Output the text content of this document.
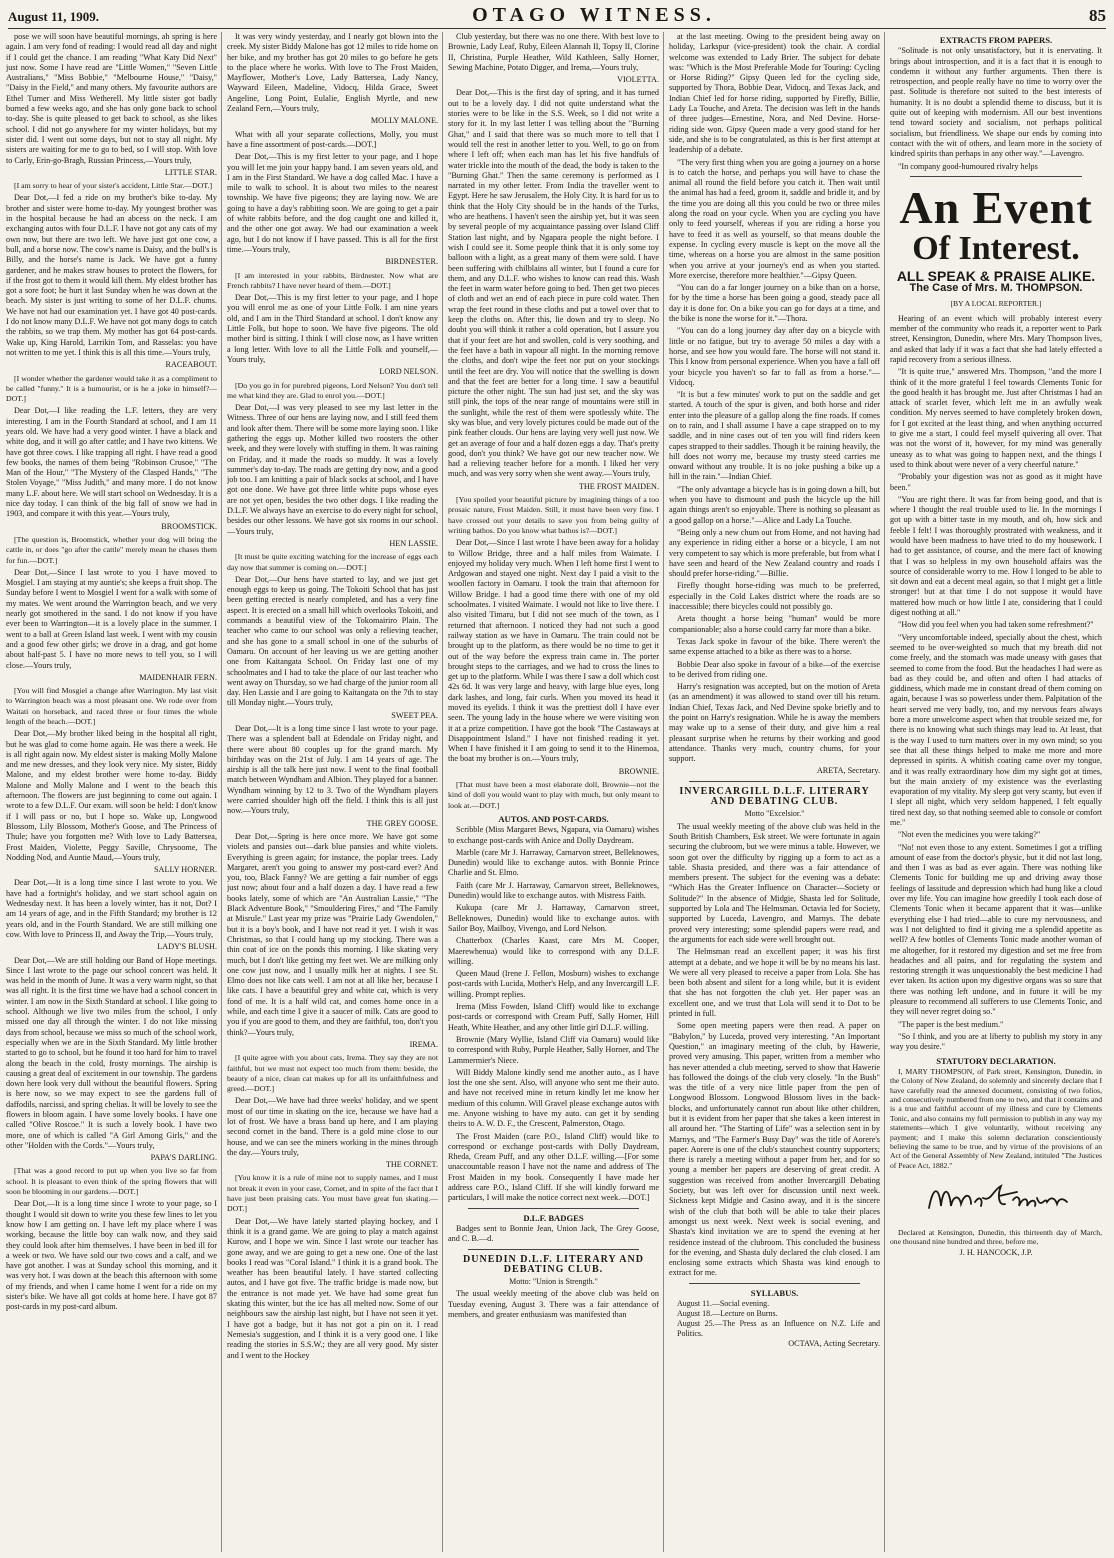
August 11, 1909.	OTAGO WITNESS.	85

pose we will soon have beautiful mornings, ah spring is here again. I am very fond of reading: I would read all day and night if I could get the chance. I am reading "What Katy Did Next" just now. Some I have read are "Little Women," "Seven Little Australians," "Miss Bobbie," "Melbourne House," "Daisy," "Daisy in the Field," and many others. My favourite authors are Ethel Turner and Miss Wetherell. My little sister got badly burned a few weeks ago, and she has only gone back to school to-day. She is quite pleased to get back to school, as she likes school. I did not go anywhere for my winter holidays, but my sister did. I went out some days, but not to stay all night. My sisters are waiting for me to go to bed, so I will stop. With love to Carly, Erin-go-Bragh, Russian Princess,—Yours truly,

LITTLE STAR.

[I am sorry to hear of your sister's accident, Little Star.—DOT.]

Dear Dot,—I fed a ride on my brother's bike to-day. My brother and sister were home to-day. My youngest brother was in the hospital because he had an abcess on the neck. I am exchanging autos with four D.L.F. I have not got any cats of my own now, but there are two left. We have just got one cow, a bull, and a horse now. The cow's name is Daisy, and the bull's is Billy, and the horse's name is Jack. We have got a funny gardener, and he makes straw houses to protect the flowers, for if the frost got to them it would kill them. My eldest brother has got a sore foot; he hurt it last Sunday when he was down at the beach. My sister is just writing to some of her D.L.F. chums. We have not had our examination yet. I have got 40 post-cards. I do not know many D.L.F. We have not got many dogs to catch the rabbits, so we trap them. My mother has got 64 post-cards. Wake up, King Harold, Larrikin Tom, and Rasselas: you have not written to me yet. I think this is all this time.—Yours truly,

RACEABOUT.

[I wonder whether the gardener would take it as a compliment to be called "funny." It is a humourist, or is he a joke in himself?—DOT.]

Dear Dot,—I like reading the L.F. letters, they are very interesting. I am in the Fourth Standard at school, and I am 11 years old. We have had a very good winter. I have a black and white dog, and it will go after cattle; and I have two kittens. We have got three cows. I like trapping all right. I have read a good few books, the names of them being "Robinson Crusoe," "The Man of the Hour," "The Mystery of the Clasped Hands," "The Stolen Voyage," "Miss Judith," and many more. I do not know many L.F. about here. We will start school on Wednesday. It is a nice day today. I can think of the big fall of snow we had in 1903, and compare it with this year.—Yours truly,

BROOMSTICK.

[The question is, Broomstick, whether your dog will bring the cattle in, or does "go after the cattle" merely mean he chases them for fun.—DOT.]

Dear Dot,—Since I last wrote to you I have moved to Mosgiel. I am staying at my auntie's; she keeps a fruit shop. The Sunday before I went to Mosgiel I went for a walk with some of my mates. We went around the Warrington beach, and we very nearly got smothered in the sand. I do not know if you have ever been to Warrington—it is a lovely place in the summer. I went to a ball at Green Island last week. I went with my cousin and a good few other girls; we drove in a drag, and got home about half-past 5. I have no more news to tell you, so I will close.—Yours truly,

MAIDENHAIR FERN.

[You will find Mosgiel a change after Warrington. My last visit to Warrington beach was a most pleasant one. We rode over from Waitati on horseback, and raced three or four times the whole length of the beach.—DOT.]

Dear Dot,—My brother liked being in the hospital all right, but he was glad to come home again. He was there a week. He is all right again now. My eldest sister is making Molly Malone and me new dresses, and they look very nice. My sister, Biddy Malone, and my eldest brother were home to-day. Biddy Malone and Molly Malone and I went to the beach this afternoon. The flowers are just beginning to come out again. I wrote to a few D.L.F. Our exam. will soon be held: I don't know if I will pass or no, but I hope so. Wake up, Longwood Blossom, Lily Blossom, Mother's Goose, and The Princess of Thule; have you forgotten me? With love to Lady Battersea, Frost Maiden, Violette, Peggy Saville, Chrysoome, The Nodding Nod, and Auntie Maud,—Yours truly,

SALLY HORNER.

Dear Dot,—It is a long time since I last wrote to you. We have had a fortnight's holiday, and we start school again on Wednesday next. It has been a lovely winter, has it not, Dot? I am 14 years of age, and in the Fifth Standard; my brother is 12 years old, and in the Fourth Standard. We are still milking one cow. With love to Princess II, and Away the Trip,—Yours truly,

LADY'S BLUSH.

Dear Dot,—We are still holding our Band of Hope meetings. Since I last wrote to the page our school concert was held. It was held in the month of June. It was a very warm night, so that was all right. It is the first time we have had a school concert in winter. I am now in the Sixth Standard at school. I like going to school. Although we live two miles from the school, I only missed one day all through the winter. I do not like missing days from school, because we miss so much of the school work, especially when we are in the Sixth Standard. My little brother started to go to school, but he found it too hard for him to travel along the beach in the cold, frosty mornings. The airship is causing a great deal of excitement in our township. The gardens down here look very dull without the beautiful flowers. Spring is here now, so we may expect to see the gardens full of daffodils, narcissi, and spring chelias. It will be lovely to see the flowers in bloom again. I have some lovely books. I have one called "Olive Roscoe." It is such a lovely book. I have two more, one of which is called "A Girl Among Girls," and the other "Holden with the Cords."—Yours truly,

PAPA'S DARLING.

[That was a good record to put up when you live so far from school. It is pleasant to even think of the spring flowers that will soon be blooming in our gardens.—DOT.]

Dear Dot,—It is a long time since I wrote to your page, so I thought I would sit down to write you these few lines to let you know how I am getting on. I have left my place where I was working, because the little boy can walk now, and they said they could look after him themselves. I have been in bed ill for a week or two. We have sold our two cows and a calf, and we have got another. I was at Sunday school this morning, and it was very hot. I was down at the beach this afternoon with some of my friends, and when I came home I went for a ride on my sister's bike. We have all got colds at home here. I have got 87 post-cards in my post-card album.

It was very windy yesterday, and I nearly got blown into the creek. My sister Biddy Malone has got 12 miles to ride home on her bike, and my brother has got 20 miles to go before he gets to the place where he works. With love to The Frost Maiden, Mayflower, Mother's Love, Lady Battersea, Lady Nancy, Wayward Eileen, Madeline, Vidocq, Hilda Grace, Sweet Angeline, Long Point, Eulalie, English Myrtle, and new Zealand Fern,—Yours truly,

MOLLY MALONE.

What with all your separate collections, Molly, you must have a fine assortment of post-cards.—DOT.]

Dear Dot,—This is my first letter to your page, and I hope you will let me join your happy band. I am seven years old, and I am in the First Standard. We have a dog called Mac. I have a mile to walk to school. It is about two miles to the nearest township. We have five pigeons; they are laying now. We are going to have a day's rabbiting soon. We are going to get a pair of white rabbits before, and the dog caught one and killed it, and the other one got away. We had our examination a week ago, but I do not know if I have passed. This is all for the first time.—Yours truly,

BIRDNESTER.

[I am interested in your rabbits, Birdnester. Now what are French rabbits? I have never heard of them.—DOT.]

Dear Dot,—This is my first letter to your page, and I hope you will enrol me as one of your Little Folk. I am nine years old, and I am in the Third Standard at school. I don't know any Little Folk, but hope to soon. We have five pigeons. The old mother bird is sitting. I think I will close now, as I have written a long letter. With love to all the Little Folk and yourself,—Yours truly,

LORD NELSON.

[Do you go in for purebred pigeons, Lord Nelson? You don't tell me what kind they are. Glad to enrol you.—DOT.]

Dear Dot,—I was very pleased to see my last letter in the Witness. Three of our hens are laying now, and I still feed them and look after them. There will be some more laying soon. I like gathering the eggs up. Mother killed two roosters the other week, and they were lovely with stuffing in them. It was raining on Friday, and it made the roads so muddy. It was a lovely summer's day to-day. The roads are getting dry now, and a good job too. I am knitting a pair of black socks at school, and I have got one done. We have got three little white pups whose eyes are not yet open, besides the two other dogs. I like reading the D.L.F. We always have an exercise to do every night for school, besides our other lessons. We have got six rooms in our school.—Yours truly,

HEN LASSIE.

[It must be quite exciting watching for the increase of eggs each day now that summer is coming on.—DOT.]

Dear Dot,—Our hens have started to lay, and we just get enough eggs to keep us going. The Tokoiti School that has just been getting erected is nearly completed, and has a very fine aspect. It is erected on a small hill which overlooks Tokoiti, and commands a beautiful view of the Tokomairiro Plain. The teacher who came to our school was only a relieving teacher, and she has gone to a small school in one of the suburbs of Oamaru. On account of her leaving us we are getting another one from Kaitangata School. On Friday last one of my schoolmates and I had to take the place of our last teacher who went away on Thursday, so we had charge of the junior room all day. Hen Lassie and I are going to Kaitangata on the 7th to stay till Monday night.—Yours truly,

SWEET PEA.

Dear Dot,—It is a long time since I last wrote to your page. There was a splendent ball at Edendale on Friday night, and there were about 80 couples up for the grand march. My birthday was on the 21st of July. I am 14 years of age. The airship is all the talk here just now. I went to the final football match between Wyndham and Albion. They played for a banner. Wyndham winning by 12 to 3. Two of the Wyndham players were carried shoulder high off the field. I think this is all just now.—Yours truly,

THE GREY GOOSE.

Dear Dot,—Spring is here once more. We have got some violets and pansies out—dark blue pansies and white violets. Everything is green again; for instance, the poplar trees. Lady Margaret, aren't you going to answer my post-card ever? And you, too, Black Fanny? We are getting a fair number of eggs just now; about four and a half dozen a day. I have read a few books lately, some of which are "An Australian Lassie," "The Black Adventure Book," "Smouldering Fires," and "The Family at Misrule." Last year my prize was "Prairie Lady Gwendolen," but it is a boy's book, and I have not read it yet. I wish it was Christmas, so that I could hang up my stocking. There was a thin coat of ice on the ponds this morning. I like skating very much, but I don't like getting my feet wet. We are milking only one cow just now, and I usually milk her at nights. I see St. Elmo does not like cats well. I am not at all like her, because I like cats. I have a beautiful grey and white cat, which is very fond of me. It is a half wild cat, and comes home once in a while, and each time I give it a saucer of milk. Cats are good to you if you are good to them, and they are faithful, too, don't you think?—Yours truly,

IREMA.

[I quite agree with you about cats, Irema. They say they are not faithful, but we must not expect too much from them: beside, the beauty of a nice, clean cat makes up for all its unfaithfulness and greed.—DOT.]

Dear Dot,—We have had three weeks' holiday, and we spent most of our time in skating on the ice, because we have had a lot of frost. We have a brass band up here, and I am playing second cornet in the band. There is a gold mine close to our house, and we can see the miners working in the mines through the day.—Yours truly,

THE CORNET.

[You know it is a rule of mine not to supply names, and I must not break it even in your case, Cornet, and in spite of the fact that I have just been praising cats. You must have great fun skating.—DOT.]

Dear Dot,—We have lately started playing hockey, and I think it is a grand game. We are going to play a match against Kurow, and I hope we win. Since I last wrote our teacher has gone away, and we are going to get a new one. One of the last books I read was "Coral Island." I think it is a grand book. The weather has been beautiful lately. I have started collecting autos, and I have got five. The traffic bridge is made now, but the entrance is not made yet. We have had some great fun skating this winter, but the ice has all melted now. Some of our neighbours saw the airship last night, but I have not seen it yet. I have got a badge, but it has not got a pin on it. I read Nemesia's suggestion, and I think it is a very good one. I like reading the stories in S.S.W.; they are all very good. My sister and I went to the Hockey

Club yesterday, but there was no one there. With best love to Brownie, Lady Leaf, Ruby, Eileen Alannah II, Topsy II, Clorine II, Christina, Purple Heather, Wild Kathleen, Sally Horner, Sewing Machine, Potato Digger, and Irema,—Yours truly,

VIOLETTA.

Dear Dot,—This is the first day of spring, and it has turned out to be a lovely day. I did not quite understand what the stories were to be like in the S.S. Week, so I did not write a story for it. In my last letter I was telling about the "Burning Ghat," and I said that there was so much more to tell that I would tell the rest in another letter to you. Well, to go on from where I left off; when each man has let his five handfuls of water trickle into the mouth of the dead, the body is taken to the "Burning Ghat." Then the same ceremony is performed as I narrated in my other letter. From India the traveller went to Egypt. Here he saw Jerusalem, the Holy City. It is hard for us to think that the Holy City should be in the hands of the Turks, who are heathens. I haven't seen the airship yet, but it was seen by several people of my acquaintance passing over Island Cliff Station last night, and by Ngapara people the night before. I wish I could see it. Some people think that it is only some toy balloon with a light, as a great many of them were sold. I have been suffering with chilblains all winter, but I found a cure for them, and any D.L.F. who wishes to know can read this. Wash the feet in warm water before going to bed. Then get two pieces of cloth and wet an end of each piece in pure cold water. Then wrap the feet round in these cloths and put a towel over that to keep the cloths on. After this, lie down and try to sleep. No doubt you will think it rather a cold operation, but I assure you that if your feet are hot and swollen, cold is very soothing, and the feet have a bath in vapour all night. In the morning remove the cloths, and don't wipe the feet nor put on your stockings until the feet are dry. You will notice that the swelling is down and that the feet are better for a long time. I saw a beautiful picture the other night. The sun had just set, and the sky was still pink, the tops of the near range of mountains were still in the sunlight, while the rest of them were spotlessly white. The sky was blue, and very lovely pictures could be made out of the pink feather clouds. Our hens are laying very well just now. We get an average of four and a half dozen eggs a day. That's pretty good, don't you think? We have got our new teacher now. We had a relieving teacher before for a month. I liked her very much, and was very sorry when she went away.—Yours truly,

THE FROST MAIDEN.

[You spoiled your beautiful picture by imagining things of a too prosaic nature, Frost Maiden. Still, it must have been very fine. I have crossed out your details to save you from being guilty of writing bathos. Do you know what bathos is?—DOT.]

Dear Dot,—Since I last wrote I have been away for a holiday to Willow Bridge, three and a half miles from Waimate. I enjoyed my holiday very much. When I left home first I went to Ardgowan and stayed one night. Next day I paid a visit to the woollen factory in Oamaru. I took the train that afternoon for Willow Bridge. I had a good time there with one of my old schoolmates. I visited Waimate. I would not like to live there. I also visited Timaru, but I did not see much of the town, as I returned that afternoon. I noticed they had not such a good railway station as we have in Oamaru. The train could not be brought up to the platform, as there would be no time to get it out of the way before the express train came in. The porter brought steps to the carriages, and we had to cross the lines to get up to the platform. While I was there I saw a doll which cost 42s 6d. It was very large and heavy, with large blue eyes, long dark lashes, and long, fair curls. When you moved its head it moved its eyelids. I think it was the prettiest doll I have ever seen. The young lady in the house where we were visiting won it at a prize competition. I have got the book "The Castaways at Disappointment Island." I have not finished reading it yet. When I have finished it I am going to send it to the Hinemoa, the boat my brother is on.—Yours truly,

BROWNIE.

[That must have been a most elaborate doll, Brownie—not the kind of doll you would want to play with much, but only meant to look at.—DOT.]

AUTOS. AND POST-CARDS.

Scribble (Miss Margaret Bews, Ngapara, via Oamaru) wishes to exchange post-cards with Anice and Dolly Daydream.

Marble (care Mr J. Harraway, Carnarvon street, Belleknowes, Dunedin) would like to exchange autos. with Bonnie Prince Charlie and St. Elmo.

Faith (care Mr J. Harraway, Carnarvon street, Belleknowes, Dunedin) would like to exchange autos. with Mistress Faith.

Kukupa (care Mr J. Harraway, Carnarvon street, Belleknowes, Dunedin) would like to exchange autos. with Sailor Boy, Mailboy, Vivengo, and Lord Nelson.

Chatterbox (Charles Kaast, care Mrs M. Cooper, Maerewhenua) would like to correspond with any D.L.F. willing.

Queen Maud (Irene J. Fellon, Mosburn) wishes to exchange post-cards with Lucida, Mother's Help, and any Invercargill L.F. willing. Prompt replies.

Irema (Miss Fowden, Island Cliff) would like to exchange post-cards or correspond with Cream Puff, Sally Horner, Hill Heath, White Heather, and any other little girl D.L.F. willing.

Brownie (Mary Wyllie, Island Cliff via Oamaru) would like to correspond with Ruby, Purple Heather, Sally Horner, and The Lammermier's Niece.

Will Biddy Malone kindly send me another auto., as I have lost the one she sent. Also, will anyone who sent me their auto. and have not received mine in return kindly let me know her medium of this column. Will Gravel please exchange autos with me. Anyone wishing to have my auto. can get it by sending theirs to A. W. D. F., the Crescent, Palmerston, Otago.

The Frost Maiden (care P.O., Island Cliff) would like to correspond or exchange post-cards with Dolly Daydream, Rheda, Cream Puff, and any other D.L.F. willing.—[For some unaccountable reason I have not the name and address of The Frost Maiden in my book. Consequently I have made her address care P.O., Island Cliff. If she will kindly forward me particulars, I will make the notice correct next week.—DOT.]

D.L.F. BADGES

Badges sent to Bonnie Jean, Union Jack, The Grey Goose, and C. B.—d.

DUNEDIN D.L.F. LITERARY AND DEBATING CLUB.
Motto: "Union is Strength."

The usual weekly meeting of the above club was held on Tuesday evening, August 3. There was a fair attendance of members, and greater enthusiasm was manifested than

at the last meeting. Owing to the president being away on holiday, Larkspur (vice-president) took the chair. A cordial welcome was extended to Lady Brier. The subject for debate was: "Which is the Most Preferable Mode for Touring: Cycling or Horse Riding?" Gipsy Queen led for the cycling side, supported by Thora, Bobbie Dear, Vidocq, and Texas Jack, and Indian Chief led for horse riding, supported by Firefly, Billie, Lady La Touche, and Areta. The decision was left in the hands of three judges—Ernestine, Nora, and Ned Devine. Horse-riding side won. Gipsy Queen made a very good stand for her side, and she is to be congratulated, as this is her first attempt at leadership of a debate.

"The very first thing when you are going a journey on a horse is to catch the horse, and perhaps you will have to chase the animal all round the field before you catch it. Then wait until the animal has had a feed, groom it, saddle and bridle it, and by the time you are doing all this you could be two or three miles along the road on your cycle. When you are cycling you have only to feed yourself, whereas if you are riding a horse you have to feed it as well as yourself, so that means double the expense. In cycling every muscle is kept on the move all the time, whereas on a horse you are almost in the same position when you arrive at your journey's end as when you started. More exercise, therefore more healthier."—Gipsy Queen.

"You can do a far longer journey on a bike than on a horse, for by the time a horse has been going a good, steady pace all day it is done for. On a bike you can go for days at a time, and the bike is none the worse for it."—Thora.

"You can do a long journey day after day on a bicycle with little or no fatigue, but try to average 50 miles a day with a horse, and see how you would fare. The horse will not stand it. This I know from personal experience. When you have a fall off your bicycle you haven't so far to fall as from a horse."—Vidocq.

"It is but a few minutes' work to put on the saddle and get started. A touch of the spur is given, and both horse and rider enter into the pleasure of a gallop along the fine roads. If comes on to rain, and I shall assume I have a cape strapped on to my saddle, and in nine cases out of ten you will find riders keen capes strapped to their saddles. Though it be raining heavily, the hill does not worry me, because my trusty steed carries me onward without any trouble. It is no joke pushing a bike up a hill in the rain."—Indian Chief.

"The only advantage a bicycle has is in going down a hill, but when you have to dismount and push the bicycle up the hill again things aren't so enjoyable. There is nothing so pleasant as a good gallop on a horse."—Alice and Lady La Touche.

"Being only a new chum out from Home, and not having had any experience in riding either a horse or a bicycle, I am not very competent to say which is more preferable, but from what I have seen and heard of the New Zealand country and roads I should prefer horse-riding."—Billie.

Firefly thought horse-riding was much to be preferred, especially in the Cold Lakes district where the roads are so inaccessible; there bicycles could not possibly go.

Areta thought a horse being "human" would be more companionable; also a horse could carry far more than a bike.

Texas Jack spoke in favour of the bike. There weren't the same expense attached to a bike as there was to a horse.

Bobbie Dear also spoke in favour of a bike—of the exercise to be derived from riding one.

Harry's resignation was accepted, but on the motion of Areta (as an amendment) it was allowed to stand over till his return. Indian Chief, Texas Jack, and Ned Devine spoke briefly and to the point on Harry's resignation. While he is away the members may wake up to a sense of their duty, and give him a real pleasant surprise when he returns by their working and good attendance. Thanks very much, country chums, for your support.

ARETA, Secretary.
INVERCARGILL D.L.F. LITERARY AND DEBATING CLUB.
Motto "Excelsior."

The usual weekly meeting of the above club was held in the South British Chambers, Esk street. We were fortunate in again securing the clubroom, but we were minus a table. However, we soon got over the difficulty by rigging up a form to act as a table. Shasta presided, and there was a fair attendance of members present. The subject for the evening was a debate: "Which Has the Greater Influence on Character—Society or Solitude?" In the absence of Midgie, Shasta led for Solitude, supported by Lola and The Helmsman. Octavia led for Society, supported by Luceda, Lavengro, and Marnys. The debate proved very interesting; some splendid papers were read, and the arguments for each side were well brought out.

The Helmsman read an excellent paper; it was his first attempt at a debate, and we hope it will be by no means his last. We were all very pleased to receive a paper from Lola. She has been both absent and silent for a long while, but it is evident that she has not forgotten the club yet. Her paper was an excellent one, and we trust that Lola will send it to Dot to be printed in full.

Some open meeting papers were then read. A paper on "Babylon," by Luceda, proved very interesting. "An Important Question," an imaginary meeting of the club, by Hawerie, proved very amusing. This paper, written from a member who has never attended a club meeting, served to show that Hawerie has followed the doings of the club very closely. "In the Bush" was the title of a very nice little paper from the pen of Longwood Blossom. Longwood Blossom lives in the back-blocks, and unfortunately cannot run about like other children, but it is evident from her paper that she takes a keen interest in all around her. "The Starting of Life" was a selection sent in by Marnys, and "The Farmer's Busy Day" was the title of Aorere's paper. Aorere is one of the club's staunchest country supporters; there is rarely a meeting without a paper from her, and for so young a member her papers are deserving of great credit. A suggestion was received from another Invercargill Debating Society, but was left over for discussion until next week. Sickness kept Midgie and Casino away, and it is the sincere wish of the club that both will be able to take their places amongst us next week. Next week is social evening, and Shasta's kind invitation we are to spend the evening at her residence instead of the clubroom. This concluded the business for the evening, and Shasta duly declared the club closed. I am enclosing some extracts which Shasta was kind enough to extract for me.

SYLLABUS.
August 11.—Social evening.
August 18.—Lecture on Burns.
August 25.—The Press as an Influence on N.Z. Life and Politics.
OCTAVA, Acting Secretary.
EXTRACTS FROM PAPERS.

"Solitude is not only unsatisfactory, but it is enervating. It brings about introspection, and it is a fact that it is enough to condemn it without any further arguments. Then there is retrospection, and people really have no time to worry over the past. Solitude is therefore not suited to the best interests of humanity. It is no doubt a splendid theme to discuss, but it is quite out of keeping with modernism. All our best inventions tend toward society and socialism, not perhaps political socialism, but friendliness. We shape our ends by coming into contact with the wit of others, and learn more in the society of kindred spirits than perhaps in any other way."—Lavengro.

"In company good-humoured rivalry helps

An Event
Of Interest.
ALL SPEAK & PRAISE ALIKE.
The Case of Mrs. M. THOMPSON.
[BY A LOCAL REPORTER.]

Hearing of an event which will probably interest every member of the community who reads it, a reporter went to Park street, Kensington, Dunedin, where Mrs. Mary Thompson lives, and asked that lady if it was a fact that she had lately effected a rapid recovery from a serious illness.

"It is quite true," answered Mrs. Thompson, "and the more I think of it the more grateful I feel towards Clements Tonic for the good health it has brought me. Just after Christmas I had an attack of scarlet fever, which left me in an awfully weak condition. My nerves seemed to have completely broken down, for I got excited at the least thing, and when anything occurred to give me a start, I could feel myself quivering all over. That was not the worst of it, however, for my mind was generally uneasy as to what was going to happen next, and the things I used to think about were never of a very cheerful nature."

"Probably your digestion was not as good as it might have been."

"You are right there. It was far from being good, and that is where I thought the real trouble used to lie. In the mornings I got up with a bitter taste in my mouth, and oh, how sick and feeble I felt! I was thoroughly prostrated with weakness, and it would have been madness to have tried to do my housework. I had to get assistance, of course, and the mere fact of knowing that I was so helpless in my own household affairs was the source of considerable worry to me. How I longed to be able to sit down and eat a decent meal again, so that I might get a little stronger! but at that time I do not suppose it would have mattered how much or how little I ate, considering that I could digest nothing at all."

"How did you feel when you had taken some refreshment?"

"Very uncomfortable indeed, specially about the chest, which seemed to be over-weighted so much that my breath did not come freely, and the stomach was made uneasy with gases that seemed to come from the food. But the headaches I had were as bad as they could be, and often and often I had attacks of giddiness, which made me in constant dread of them coming on again, because I was so powerless under them. Palpitation of the heart served me very badly, too, and my nervous fears always bore a more unwelcome aspect when that trouble seized me, for there is no knowing what such things may lead to. At least, that is the way I used to turn matters over in my own mind; so you see that all these things helped to make me more and more depressed in spirits. A whitish coating came over my tongue, and it was really extraordinary how dim my sight got at times, but the main anxiety of my existence was the everlasting evaporation of my vitality. My sleep got very scanty, but even if I slept all night, which very seldom happened, I felt equally tired next day, so that nothing seemed able to console or comfort me."

"Not even the medicines you were taking?"

"No! not even those to any extent. Sometimes I got a trifling amount of ease from the doctor's physic, but it did not last long, and then I was as bad as ever again. There was nothing like Clements Tonic for building me up and driving away those feelings of lassitude and depression which had hung like a cloud over my life. You can imagine how greedily I took each dose of Clements Tonic when it became apparent that it was—unlike everything else I had tried—able to cure my nervousness, and was I not delighted to find it giving me a splendid appetite as well? A few bottles of Clements Tonic made another woman of me altogether, for it restored my digestion and set me free from headaches and all pains, and for regulating the system and restoring strength it was unquestionably the best medicine I had ever taken. Its action upon my digestive organs was so sure that there was nothing left undone, and in future it will be my pleasure to recommend all sufferers to use Clements Tonic, and they will never regret doing so."

"The paper is the best medium."

"So I think, and you are at liberty to publish my story in any way you desire."

STATUTORY DECLARATION.

I, MARY THOMPSON, of Park street, Kensington, Dunedin, in the Colony of New Zealand, do solemnly and sincerely declare that I have carefully read the annexed document, consisting of two folios, and consecutively numbered from one to two, and that it contains and is a true and faithful account of my illness and cure by Clements Tonic, and also contains my full permission to publish in any way my statements—which I give voluntarily, without receiving any payment; and I make this solemn declaration conscientiously believing the same to be true, and by virtue of the provisions of an Act of the General Assembly of New Zealand, intituled "The Justices of Peace Act, 1882."

Declared at Kensington, Dunedin, this thirteenth day of March, one thousand nine hundred and three, before me,

J. H. HANCOCK, J.P.
